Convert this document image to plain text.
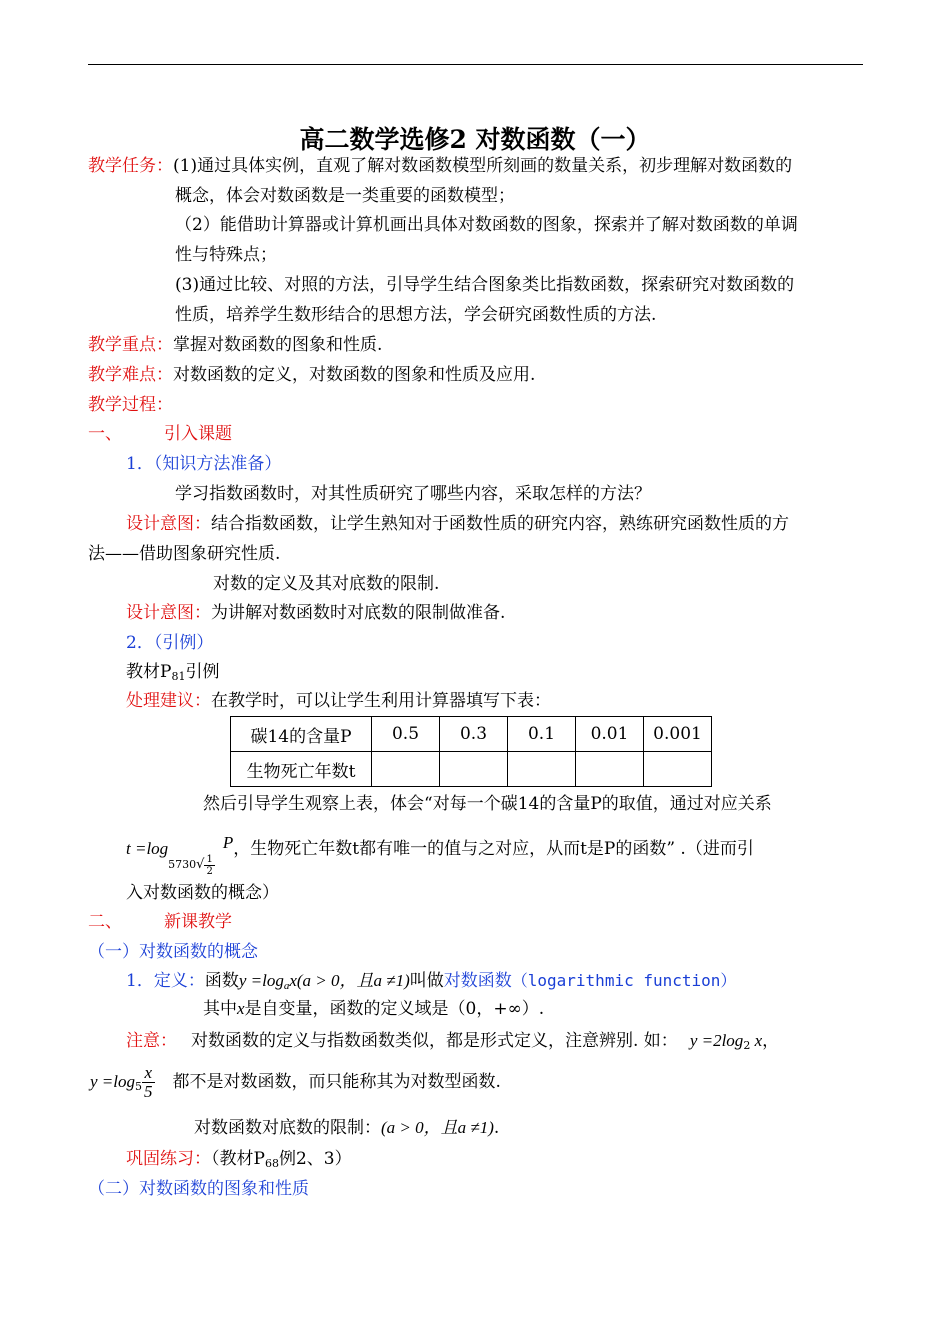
高二数学选修2 对数函数（一）
教学任务：(1)通过具体实例，直观了解对数函数模型所刻画的数量关系，初步理解对数函数的
概念，体会对数函数是一类重要的函数模型；
（2）能借助计算器或计算机画出具体对数函数的图象，探索并了解对数函数的单调
性与特殊点；
(3)通过比较、对照的方法，引导学生结合图象类比指数函数，探索研究对数函数的
性质，培养学生数形结合的思想方法，学会研究函数性质的方法.
教学重点：掌握对数函数的图象和性质.
教学难点：对数函数的定义，对数函数的图象和性质及应用.
教学过程：
一、 引入课题
1．（知识方法准备）
学习指数函数时，对其性质研究了哪些内容，采取怎样的方法？
设计意图：结合指数函数，让学生熟知对于函数性质的研究内容，熟练研究函数性质的方
法——借助图象研究性质.
对数的定义及其对底数的限制.
设计意图：为讲解对数函数时对底数的限制做准备.
2．（引例）
教材$P_{81}$引例
处理建议：在教学时，可以让学生利用计算器填写下表：
碳14的含量P	0.5	0.3	0.1	0.01	0.001
生物死亡年数t					
然后引导学生观察上表，体会“对每一个碳14的含量P的取值，通过对应关系
$t =\log 5730√ \frac{1}{2}$
P，生物死亡年数t都有唯一的值与之对应，从而t是P的函数” .（进而引
入对数函数的概念）
二、 新课教学
（一）对数函数的概念
1．定义：函数$y =\log_ax(a > 0$，且a ≠1)叫做对数函数（logarithmic function）
其中x是自变量，函数的定义域是（0，+∞）.
注意： 对数函数的定义与指数函数类似，都是形式定义，注意辨别. 如： $y =2\log_2$ x，
$y =\log_5 \frac{x}{5}$ 都不是对数函数，而只能称其为对数型函数.
对数函数对底数的限制：(a > 0，且a ≠1).
巩固练习：（教材$P_{68}$例2、3）
（二）对数函数的图象和性质
